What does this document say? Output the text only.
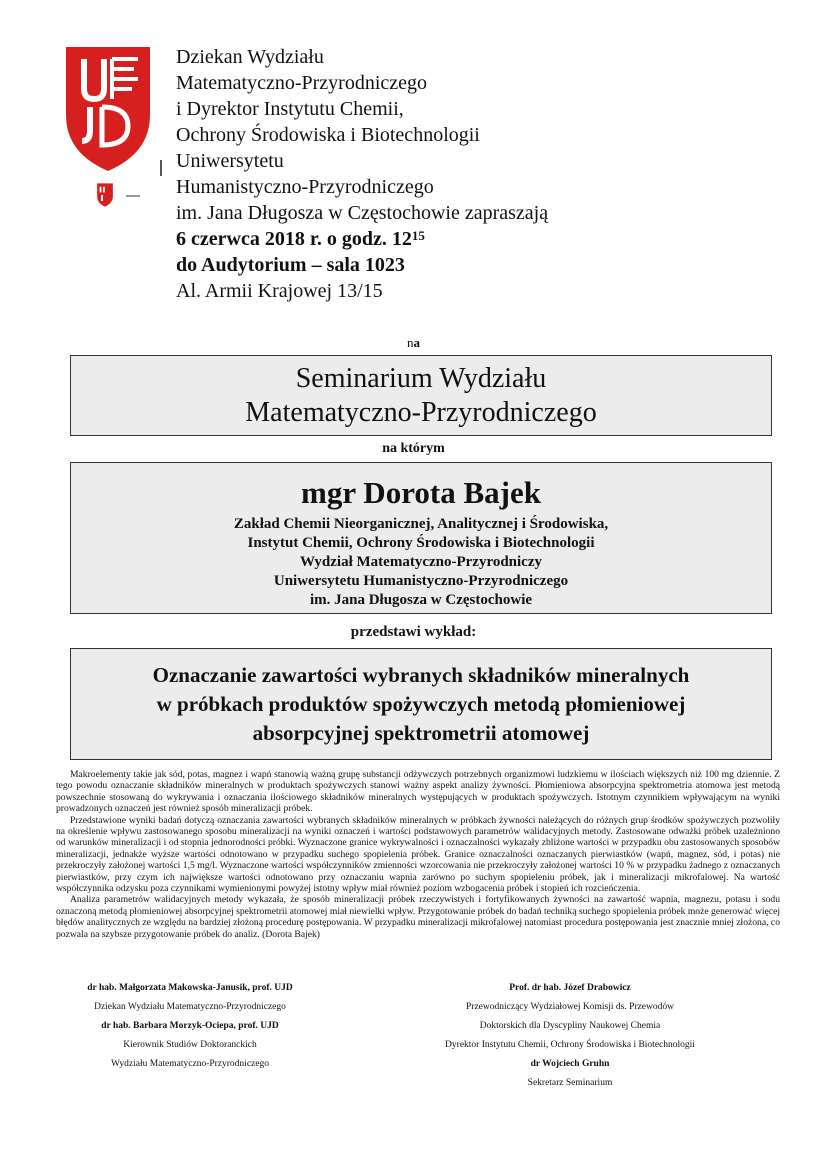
Dziekan Wydziału
Matematyczno-Przyrodniczego
i Dyrektor Instytutu Chemii,
Ochrony Środowiska i Biotechnologii
Uniwersytetu
Humanistyczno-Przyrodniczego
im. Jana Długosza w Częstochowie zapraszają
6 czerwca 2018 r. o godz. $12^{15}$
do Audytorium – sala 1023
Al. Armii Krajowej 13/15
na
Seminarium Wydziału
Matematyczno-Przyrodniczego
na którym
mgr Dorota Bajek
Zakład Chemii Nieorganicznej, Analitycznej i Środowiska,
Instytut Chemii, Ochrony Środowiska i Biotechnologii
Wydział Matematyczno-Przyrodniczy
Uniwersytetu Humanistyczno-Przyrodniczego
im. Jana Długosza w Częstochowie
przedstawi wykład:
Oznaczanie zawartości wybranych składników mineralnych
w próbkach produktów spożywczych metodą płomieniowej
absorpcyjnej spektrometrii atomowej

Makroelementy takie jak sód, potas, magnez i wapń stanowią ważną grupę substancji odżywczych potrzebnych organizmowi ludzkiemu w ilościach większych niż 100 mg dziennie. Z tego powodu oznaczanie składników mineralnych w produktach spożywczych stanowi ważny aspekt analizy żywności. Płomieniowa absorpcyjna spektrometria atomowa jest metodą powszechnie stosowaną do wykrywania i oznaczania ilościowego składników mineralnych występujących w produktach spożywczych. Istotnym czynnikiem wpływającym na wyniki prowadzonych oznaczeń jest również sposób mineralizacji próbek.

Przedstawione wyniki badań dotyczą oznaczania zawartości wybranych składników mineralnych w próbkach żywności należących do różnych grup środków spożywczych pozwoliły na określenie wpływu zastosowanego sposobu mineralizacji na wyniki oznaczeń i wartości podstawowych parametrów walidacyjnych metody. Zastosowane odważki próbek uzależniono od warunków mineralizacji i od stopnia jednorodności próbki. Wyznaczone granice wykrywalności i oznaczalności wykazały zbliżone wartości w przypadku obu zastosowanych sposobów mineralizacji, jednakże wyższe wartości odnotowano w przypadku suchego spopielenia próbek. Granice oznaczalności oznaczanych pierwiastków (wapń, magnez, sód, i potas) nie przekroczyły założonej wartości 1,5 mg/l. Wyznaczone wartości współczynników zmienności wzorcowania nie przekroczyły założonej wartości 10 % w przypadku żadnego z oznaczanych pierwiastków, przy czym ich największe wartości odnotowano przy oznaczaniu wapnia zarówno po suchym spopieleniu próbek, jak i mineralizacji mikrofalowej. Na wartość współczynnika odzysku poza czynnikami wymienionymi powyżej istotny wpływ miał również poziom wzbogacenia próbek i stopień ich rozcieńczenia.

Analiza parametrów walidacyjnych metody wykazała, że sposób mineralizacji próbek rzeczywistych i fortyfikowanych żywności na zawartość wapnia, magnezu, potasu i sodu oznaczoną metodą płomieniowej absorpcyjnej spektrometrii atomowej miał niewielki wpływ. Przygotowanie próbek do badań techniką suchego spopielenia próbek może generować więcej błędów analitycznych ze względu na bardziej złożoną procedurę postępowania. W przypadku mineralizacji mikrofalowej natomiast procedura postępowania jest znacznie mniej złożona, co pozwala na szybsze przygotowanie próbek do analiz. (Dorota Bajek)

dr hab. Małgorzata Makowska-Janusik, prof. UJD
Dziekan Wydziału Matematyczno-Przyrodniczego
dr hab. Barbara Morzyk-Ociepa, prof. UJD
Kierownik Studiów Doktoranckich
Wydziału Matematyczno-Przyrodniczego
Prof. dr hab. Józef Drabowicz
Przewodniczący Wydziałowej Komisji ds. Przewodów
Doktorskich dla Dyscypliny Naukowej Chemia
Dyrektor Instytutu Chemii, Ochrony Środowiska i Biotechnologii
dr Wojciech Gruhn
Sekretarz Seminarium
